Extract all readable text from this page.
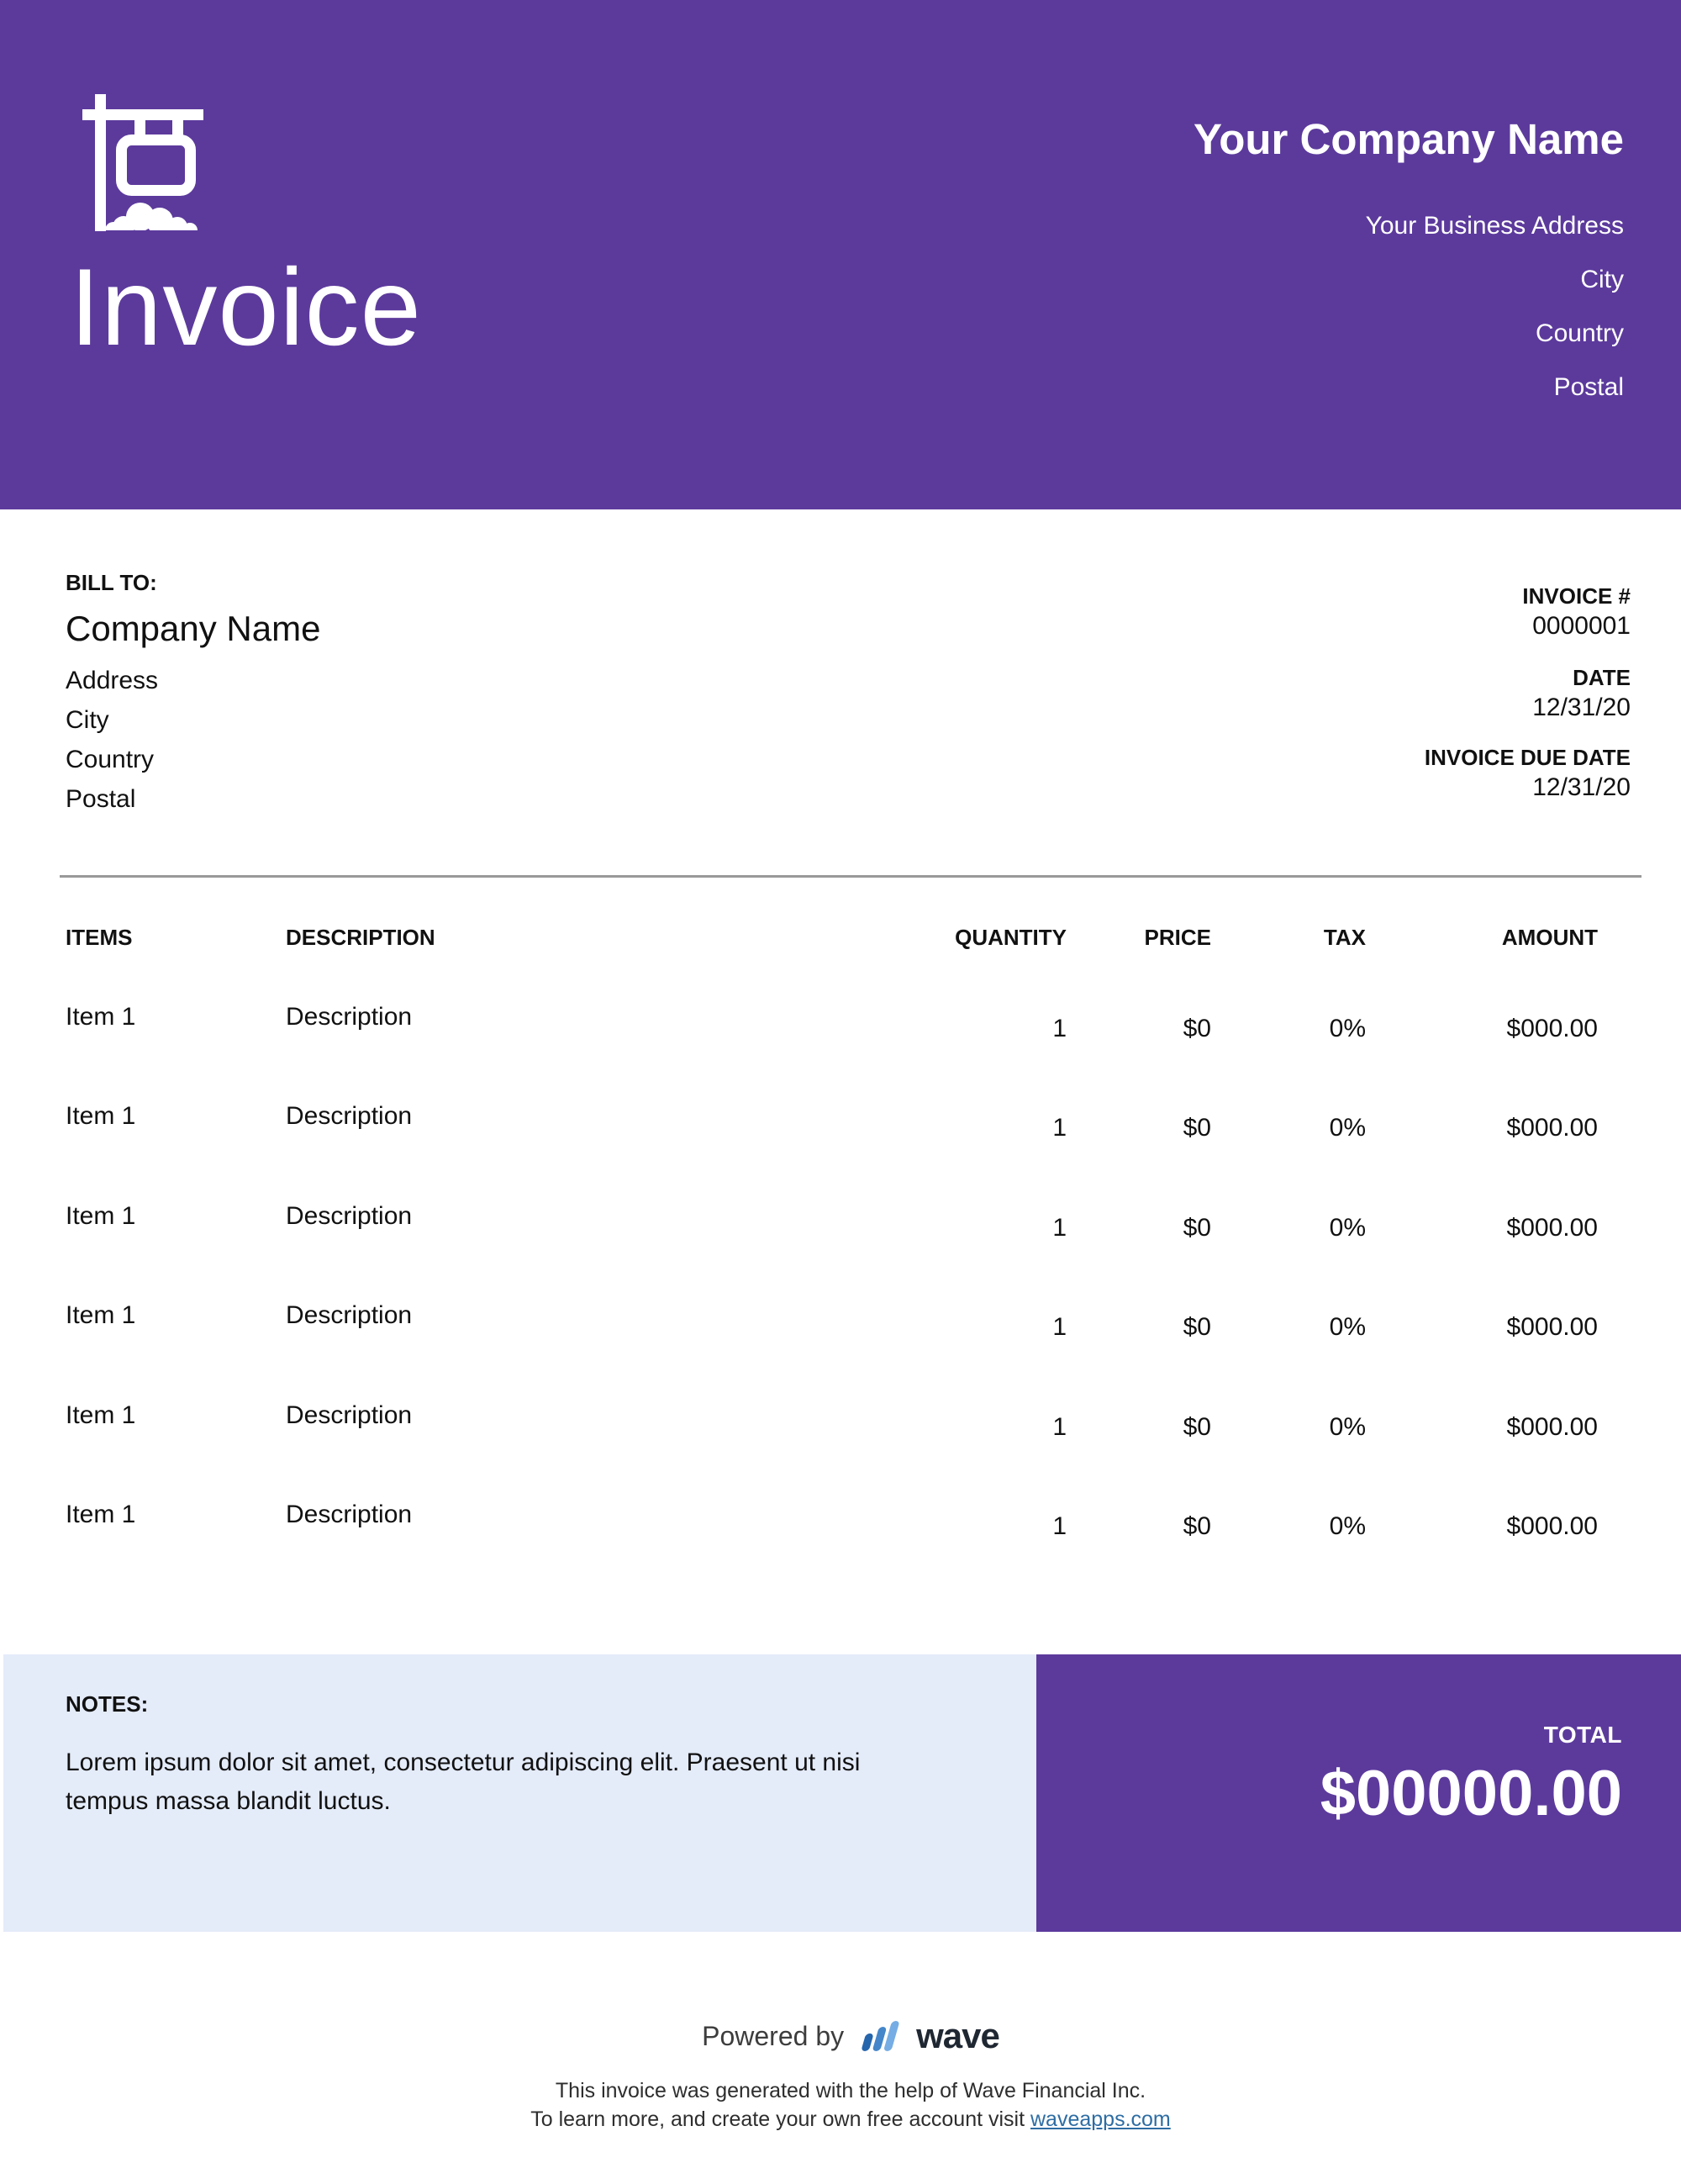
Invoice
Your Company Name
Your Business Address
City
Country
Postal
BILL TO:
Company Name
Address
City
Country
Postal
INVOICE #
0000001
DATE
12/31/20
INVOICE DUE DATE
12/31/20
ITEMS	DESCRIPTION	QUANTITY	PRICE	TAX	AMOUNT
Item 1	Description	1	$0	0%	$000.00
Item 1	Description	1	$0	0%	$000.00
Item 1	Description	1	$0	0%	$000.00
Item 1	Description	1	$0	0%	$000.00
Item 1	Description	1	$0	0%	$000.00
Item 1	Description	1	$0	0%	$000.00
NOTES:
Lorem ipsum dolor sit amet, consectetur adipiscing elit. Praesent ut nisi tempus massa blandit luctus.
TOTAL
$00000.00
Powered by wave
This invoice was generated with the help of Wave Financial Inc.
To learn more, and create your own free account visit waveapps.com
